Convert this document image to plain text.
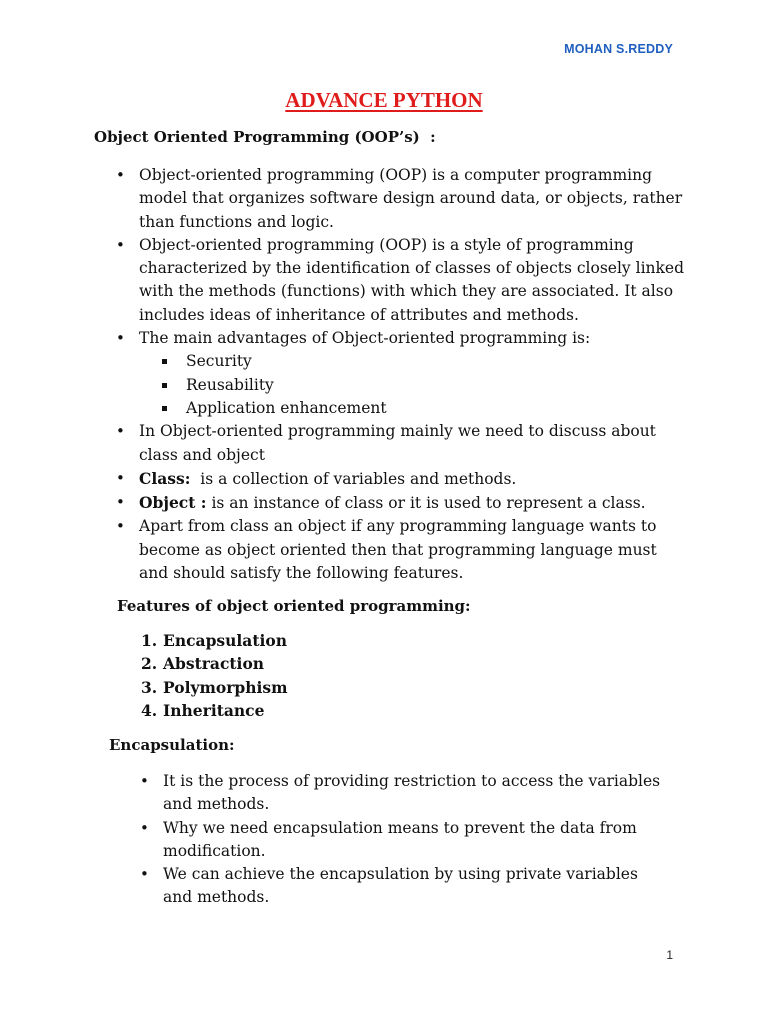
MOHAN S.REDDY
ADVANCE PYTHON
Object Oriented Programming (OOP’s)  :
• Object-oriented programming (OOP) is a computer programming model that organizes software design around data, or objects, rather than functions and logic.
• Object-oriented programming (OOP) is a style of programming characterized by the identification of classes of objects closely linked with the methods (functions) with which they are associated. It also includes ideas of inheritance of attributes and methods.
• The main advantages of Object-oriented programming is:
Security
Reusability
Application enhancement
• In Object-oriented programming mainly we need to discuss about class and object
• Class:  is a collection of variables and methods.
• Object : is an instance of class or it is used to represent a class.
• Apart from class an object if any programming language wants to become as object oriented then that programming language must and should satisfy the following features.
Features of object oriented programming:
1. Encapsulation
2. Abstraction
3. Polymorphism
4. Inheritance
Encapsulation:
• It is the process of providing restriction to access the variables and methods.
• Why we need encapsulation means to prevent the data from modification.
• We can achieve the encapsulation by using private variables and methods.
1
